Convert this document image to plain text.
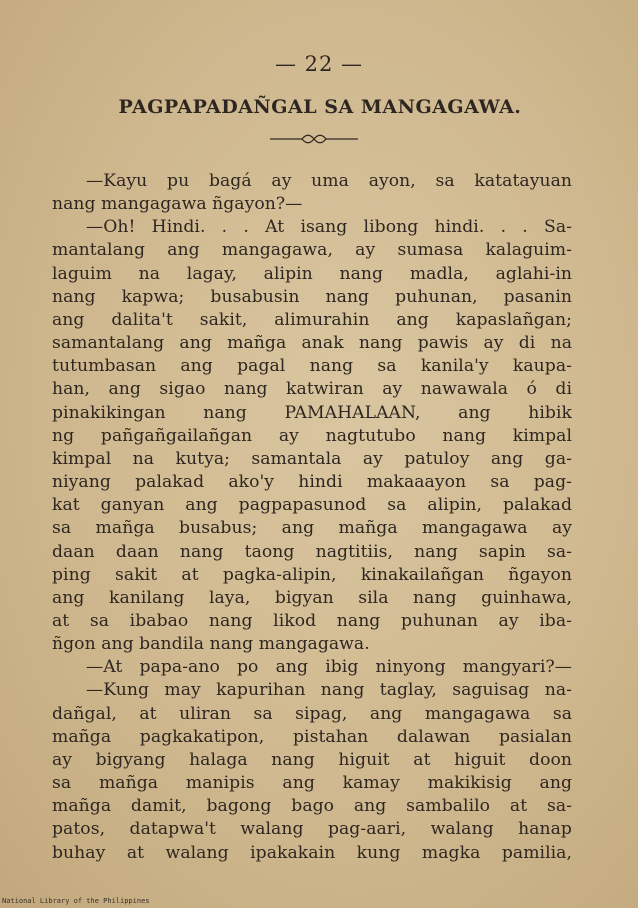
— 22 —
PAGPAPADAÑGAL SA MANGAGAWA.
—Kayu pu bagá ay uma ayon, sa katatayuan
nang mangagawa ñgayon?—
—Oh! Hindi. . . At isang libong hindi. . . Sa-
mantalang ang mangagawa, ay sumasa kalaguim-
laguim na lagay, alipin nang madla, aglahi-in
nang kapwa; busabusin nang puhunan, pasanin
ang dalita't sakit, alimurahin ang kapaslañgan;
samantalang ang mañga anak nang pawis ay di na
tutumbasan ang pagal nang sa kanila'y kaupa-
han, ang sigao nang katwiran ay nawawala ó di
pinakikingan nang PAMAHALAAN, ang hibik
ng pañgañgailañgan ay nagtutubo nang kimpal
kimpal na kutya; samantala ay patuloy ang ga-
niyang palakad ako'y hindi makaaayon sa pag-
kat ganyan ang pagpapasunod sa alipin, palakad
sa mañga busabus; ang mañga mangagawa ay
daan daan nang taong nagtitiis, nang sapin sa-
ping sakit at pagka-alipin, kinakailañgan ñgayon
ang kanilang laya, bigyan sila nang guinhawa,
at sa ibabao nang likod nang puhunan ay iba-
ñgon ang bandila nang mangagawa.
—At papa-ano po ang ibig ninyong mangyari?—
—Kung may kapurihan nang taglay, saguisag na-
dañgal, at uliran sa sipag, ang mangagawa sa
mañga pagkakatipon, pistahan dalawan pasialan
ay bigyang halaga nang higuit at higuit doon
sa mañga manipis ang kamay makikisig ang
mañga damit, bagong bago ang sambalilo at sa-
patos, datapwa't walang pag-aari, walang hanap
buhay at walang ipakakain kung magka pamilia,
National Library of the Philippines
